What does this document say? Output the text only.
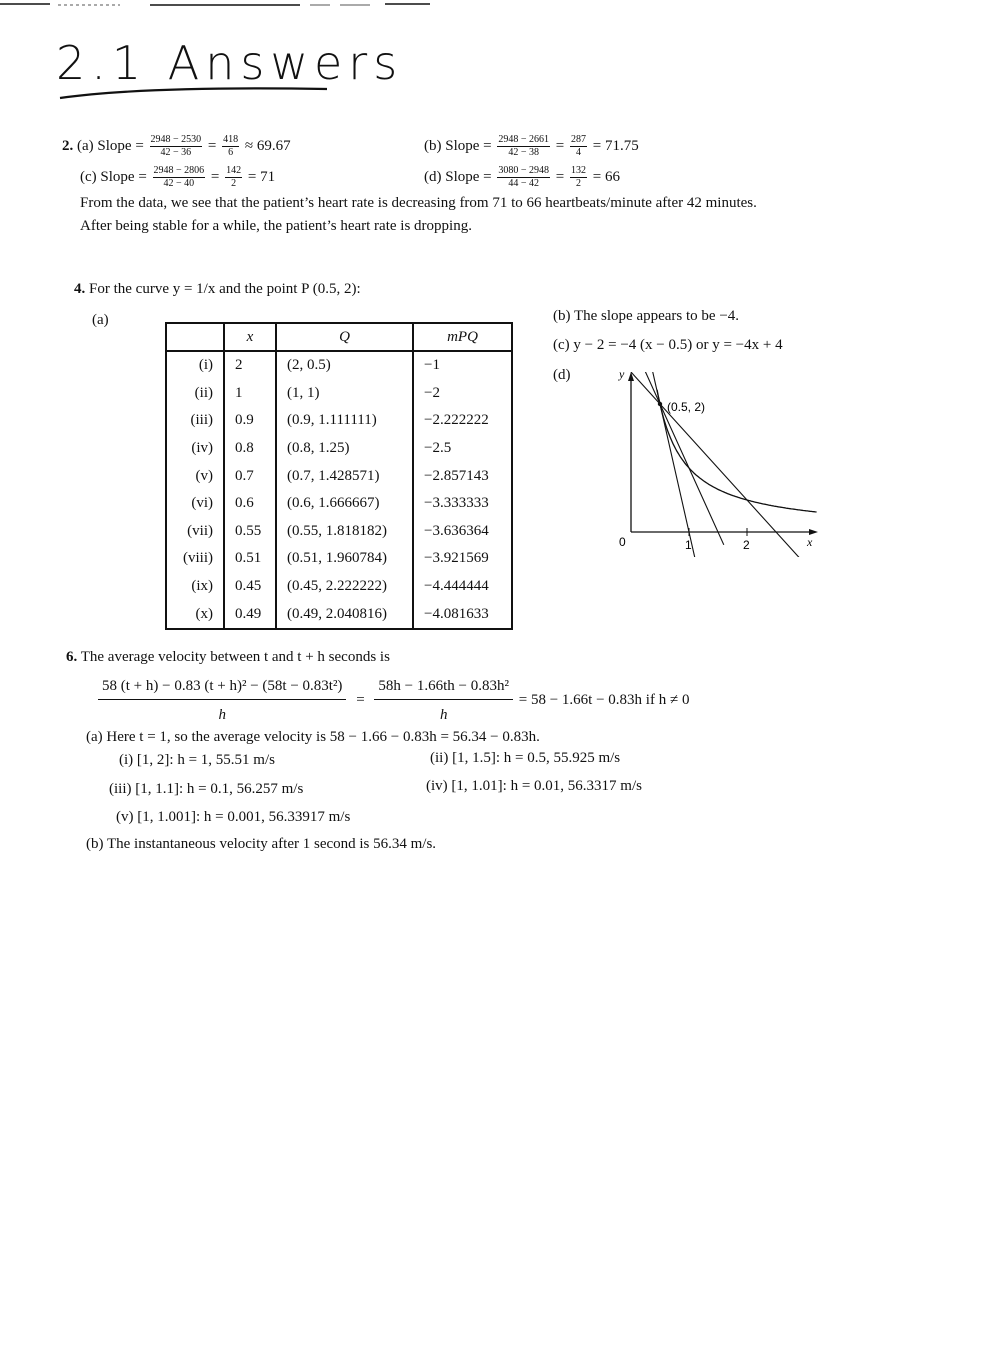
2.1 Answers
2. (a) Slope = $\frac{2948 - 2530}{42 - 36} = \frac{418}{6} \approx 69.67$	(b) Slope = $\frac{2948 - 2661}{42 - 38} = \frac{287}{4} = 71.75$
(c) Slope = $\frac{2948 - 2806}{42 - 40} = \frac{142}{2} = 71$	(d) Slope = $\frac{3080 - 2948}{44 - 42} = \frac{132}{2} = 66$
From the data, we see that the patient’s heart rate is decreasing from 71 to 66 heartbeats/minute after 42 minutes.
After being stable for a while, the patient’s heart rate is dropping.
4. For the curve y = 1/x and the point P (0.5, 2):
(a)
	x	Q	mPQ
(i)	2	(2, 0.5)	−1
(ii)	1	(1, 1)	−2
(iii)	0.9	(0.9, 1.111111)	−2.222222
(iv)	0.8	(0.8, 1.25)	−2.5
(v)	0.7	(0.7, 1.428571)	−2.857143
(vi)	0.6	(0.6, 1.666667)	−3.333333
(vii)	0.55	(0.55, 1.818182)	−3.636364
(viii)	0.51	(0.51, 1.960784)	−3.921569
(ix)	0.45	(0.45, 2.222222)	−4.444444
(x)	0.49	(0.49, 2.040816)	−4.081633
(b) The slope appears to be −4.
(c) y − 2 = −4 (x − 0.5) or y = −4x + 4
(d)	y
x
0	1	2
(0.5, 2)
6. The average velocity between t and t + h seconds is
$\frac{\text{58 (t + h) − 0.83 (t + h)² − (58t − 0.83t²)}}{h} = \frac{\text{58h − 1.66th − 0.83h²}}{h} = 58 - 1.66t - 0.83h$ if h ≠ 0
(a) Here t = 1, so the average velocity is 58 − 1.66 − 0.83h = 56.34 − 0.83h.
(i) [1, 2]: h = 1, 55.51 m/s	(ii) [1, 1.5]: h = 0.5, 55.925 m/s
(iii) [1, 1.1]: h = 0.1, 56.257 m/s	(iv) [1, 1.01]: h = 0.01, 56.3317 m/s
(v) [1, 1.001]: h = 0.001, 56.33917 m/s
(b) The instantaneous velocity after 1 second is 56.34 m/s.
